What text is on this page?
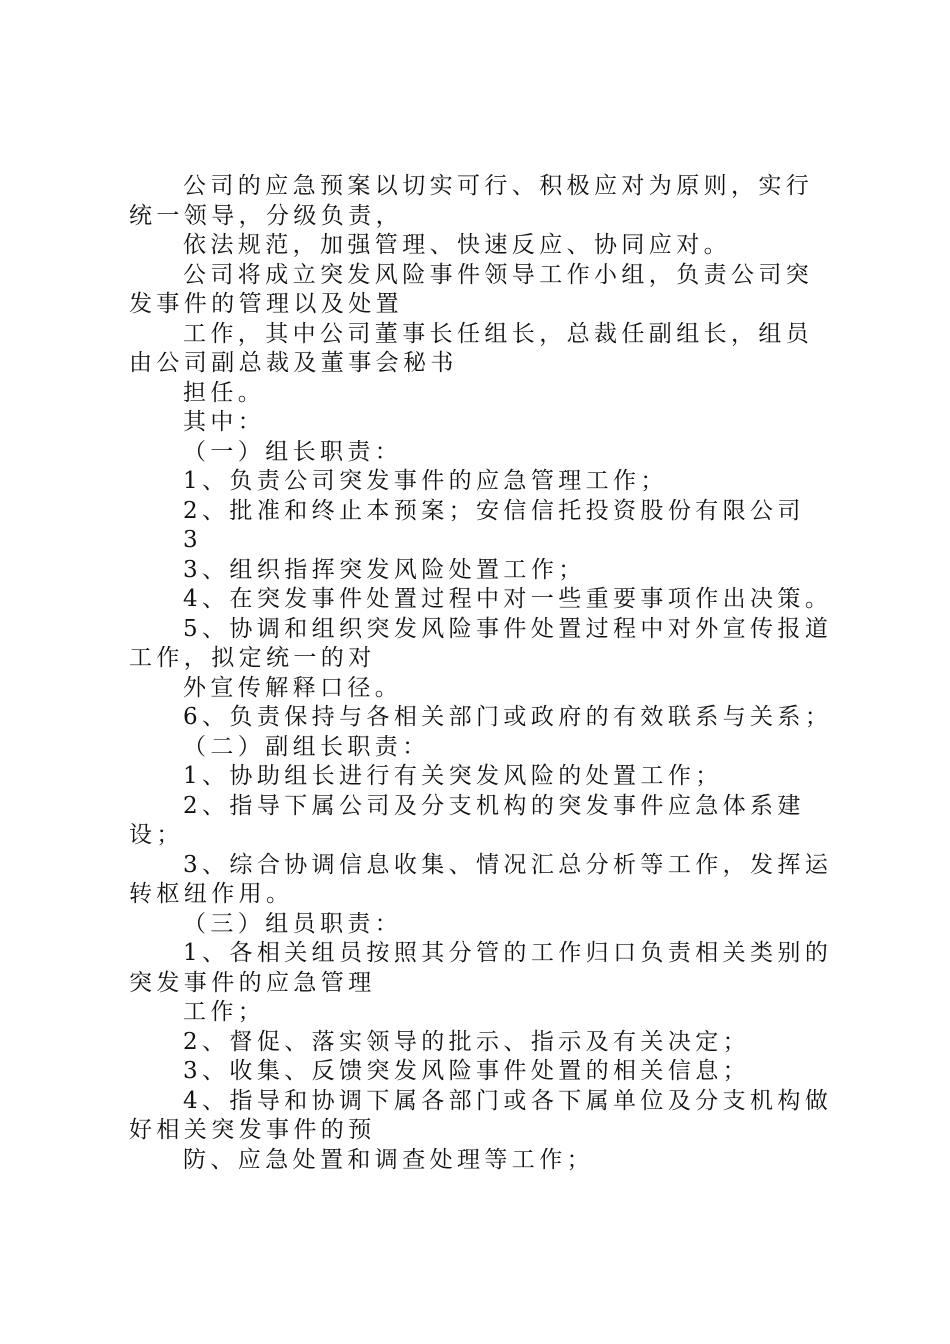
公司的应急预案以切实可行、积极应对为原则，实行统一领导，分级负责，

依法规范，加强管理、快速反应、协同应对。

公司将成立突发风险事件领导工作小组，负责公司突发事件的管理以及处置

工作，其中公司董事长任组长，总裁任副组长，组员由公司副总裁及董事会秘书

担任。

其中：

（一）组长职责：

1、负责公司突发事件的应急管理工作；

2、批准和终止本预案；安信信托投资股份有限公司

3

3、组织指挥突发风险处置工作；

4、在突发事件处置过程中对一些重要事项作出决策。

5、协调和组织突发风险事件处置过程中对外宣传报道工作，拟定统一的对

外宣传解释口径。

6、负责保持与各相关部门或政府的有效联系与关系；

（二）副组长职责：

1、协助组长进行有关突发风险的处置工作；

2、指导下属公司及分支机构的突发事件应急体系建设；

3、综合协调信息收集、情况汇总分析等工作，发挥运转枢纽作用。

（三）组员职责：

1、各相关组员按照其分管的工作归口负责相关类别的突发事件的应急管理

工作；

2、督促、落实领导的批示、指示及有关决定；

3、收集、反馈突发风险事件处置的相关信息；

4、指导和协调下属各部门或各下属单位及分支机构做好相关突发事件的预

防、应急处置和调查处理等工作；
